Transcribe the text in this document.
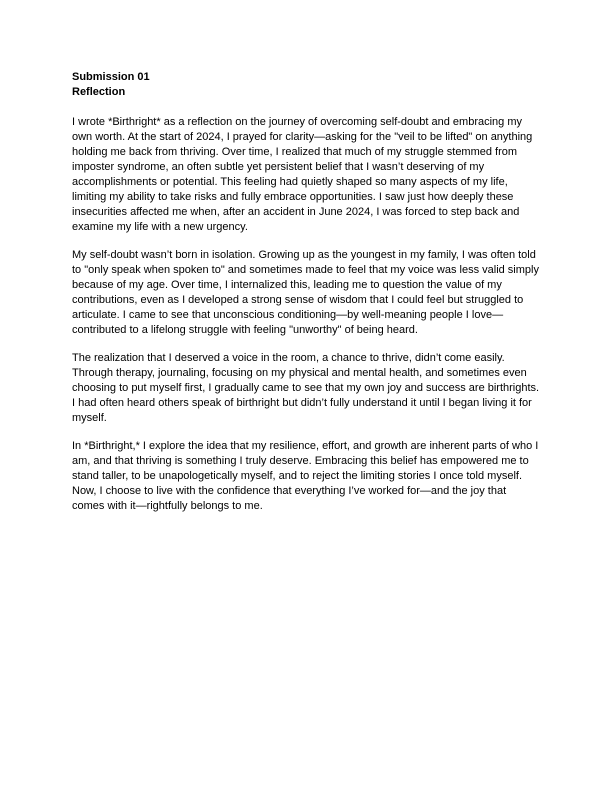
Submission 01
Reflection

I wrote *Birthright* as a reflection on the journey of overcoming self-doubt and embracing my own worth. At the start of 2024, I prayed for clarity—asking for the "veil to be lifted" on anything holding me back from thriving. Over time, I realized that much of my struggle stemmed from imposter syndrome, an often subtle yet persistent belief that I wasn’t deserving of my accomplishments or potential. This feeling had quietly shaped so many aspects of my life, limiting my ability to take risks and fully embrace opportunities. I saw just how deeply these insecurities affected me when, after an accident in June 2024, I was forced to step back and examine my life with a new urgency.

My self-doubt wasn’t born in isolation. Growing up as the youngest in my family, I was often told to "only speak when spoken to" and sometimes made to feel that my voice was less valid simply because of my age. Over time, I internalized this, leading me to question the value of my contributions, even as I developed a strong sense of wisdom that I could feel but struggled to articulate. I came to see that unconscious conditioning—by well-meaning people I love—contributed to a lifelong struggle with feeling "unworthy" of being heard.

The realization that I deserved a voice in the room, a chance to thrive, didn’t come easily. Through therapy, journaling, focusing on my physical and mental health, and sometimes even choosing to put myself first, I gradually came to see that my own joy and success are birthrights. I had often heard others speak of birthright but didn’t fully understand it until I began living it for myself.

In *Birthright,* I explore the idea that my resilience, effort, and growth are inherent parts of who I am, and that thriving is something I truly deserve. Embracing this belief has empowered me to stand taller, to be unapologetically myself, and to reject the limiting stories I once told myself. Now, I choose to live with the confidence that everything I’ve worked for—and the joy that comes with it—rightfully belongs to me.
